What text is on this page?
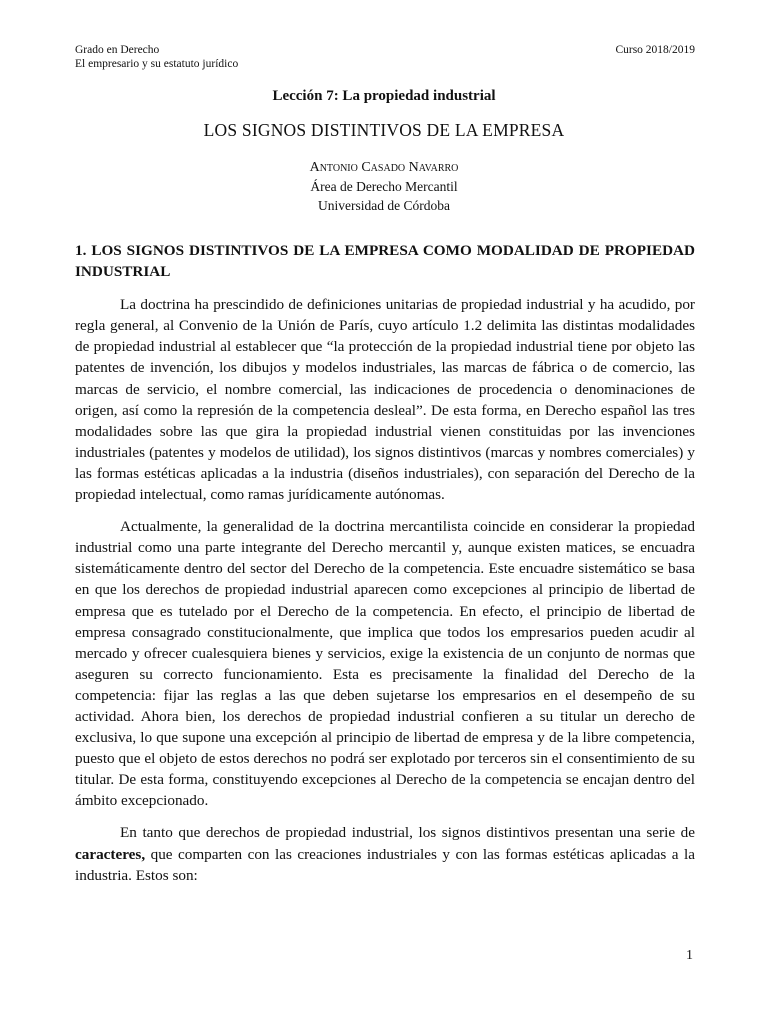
Grado en Derecho
El empresario y su estatuto jurídico
Curso 2018/2019
Lección 7: La propiedad industrial
LOS SIGNOS DISTINTIVOS DE LA EMPRESA
Antonio Casado Navarro
Área de Derecho Mercantil
Universidad de Córdoba
1. LOS SIGNOS DISTINTIVOS DE LA EMPRESA COMO MODALIDAD DE PROPIEDAD INDUSTRIAL

La doctrina ha prescindido de definiciones unitarias de propiedad industrial y ha acudido, por regla general, al Convenio de la Unión de París, cuyo artículo 1.2 delimita las distintas modalidades de propiedad industrial al establecer que “la protección de la propiedad industrial tiene por objeto las patentes de invención, los dibujos y modelos industriales, las marcas de fábrica o de comercio, las marcas de servicio, el nombre comercial, las indicaciones de procedencia o denominaciones de origen, así como la represión de la competencia desleal”. De esta forma, en Derecho español las tres modalidades sobre las que gira la propiedad industrial vienen constituidas por las invenciones industriales (patentes y modelos de utilidad), los signos distintivos (marcas y nombres comerciales) y las formas estéticas aplicadas a la industria (diseños industriales), con separación del Derecho de la propiedad intelectual, como ramas jurídicamente autónomas.

Actualmente, la generalidad de la doctrina mercantilista coincide en considerar la propiedad industrial como una parte integrante del Derecho mercantil y, aunque existen matices, se encuadra sistemáticamente dentro del sector del Derecho de la competencia. Este encuadre sistemático se basa en que los derechos de propiedad industrial aparecen como excepciones al principio de libertad de empresa que es tutelado por el Derecho de la competencia. En efecto, el principio de libertad de empresa consagrado constitucionalmente, que implica que todos los empresarios pueden acudir al mercado y ofrecer cualesquiera bienes y servicios, exige la existencia de un conjunto de normas que aseguren su correcto funcionamiento. Esta es precisamente la finalidad del Derecho de la competencia: fijar las reglas a las que deben sujetarse los empresarios en el desempeño de su actividad. Ahora bien, los derechos de propiedad industrial confieren a su titular un derecho de exclusiva, lo que supone una excepción al principio de libertad de empresa y de la libre competencia, puesto que el objeto de estos derechos no podrá ser explotado por terceros sin el consentimiento de su titular. De esta forma, constituyendo excepciones al Derecho de la competencia se encajan dentro del ámbito excepcionado.

En tanto que derechos de propiedad industrial, los signos distintivos presentan una serie de caracteres, que comparten con las creaciones industriales y con las formas estéticas aplicadas a la industria. Estos son:

1
